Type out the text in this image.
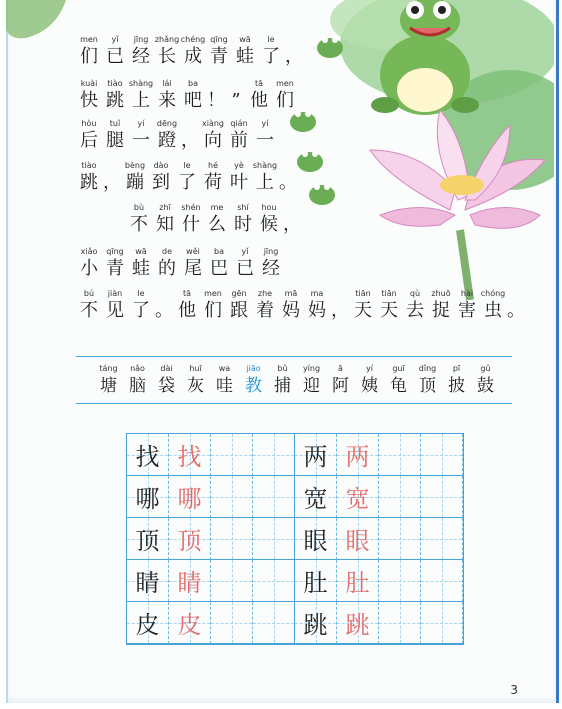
men
们
yǐ
已
jīng
经
zhǎng
长
chéng
成
qīng
青
wā
蛙
le
了 ，
kuài
快
tiào
跳
shàng
上
lái
来
ba
吧 ！ ”
tā
他
men
们
hòu
后
tuǐ
腿
yí
一
dēng
蹬 ，
xiàng
向
qián
前
yí
一
tiào
跳 ，
bèng
蹦
dào
到
le
了
hé
荷
yè
叶
shàng
上 。
bù
不
zhī
知
shén
什
me
么
shí
时
hou
候 ，
xiǎo
小
qīng
青
wā
蛙
de
的
wěi
尾
ba
巴
yǐ
已
jīng
经
bú
不
jiàn
见
le
了 。
tā
他
men
们
gēn
跟
zhe
着
mā
妈
ma
妈 ，
tiān
天
tiān
天
qù
去
zhuō
捉
hài
害
chóng
虫 。
táng
塘
nǎo
脑
dài
袋
huī
灰
wa
哇
jiāo
教
bǔ
捕
yíng
迎
ā
阿
yí
姨
guī
龟
dǐng
顶
pī
披
gǔ
鼓
找 找	两 两
哪 哪	宽 宽
顶 顶	眼 眼
睛 睛	肚 肚
皮 皮	跳 跳
3
